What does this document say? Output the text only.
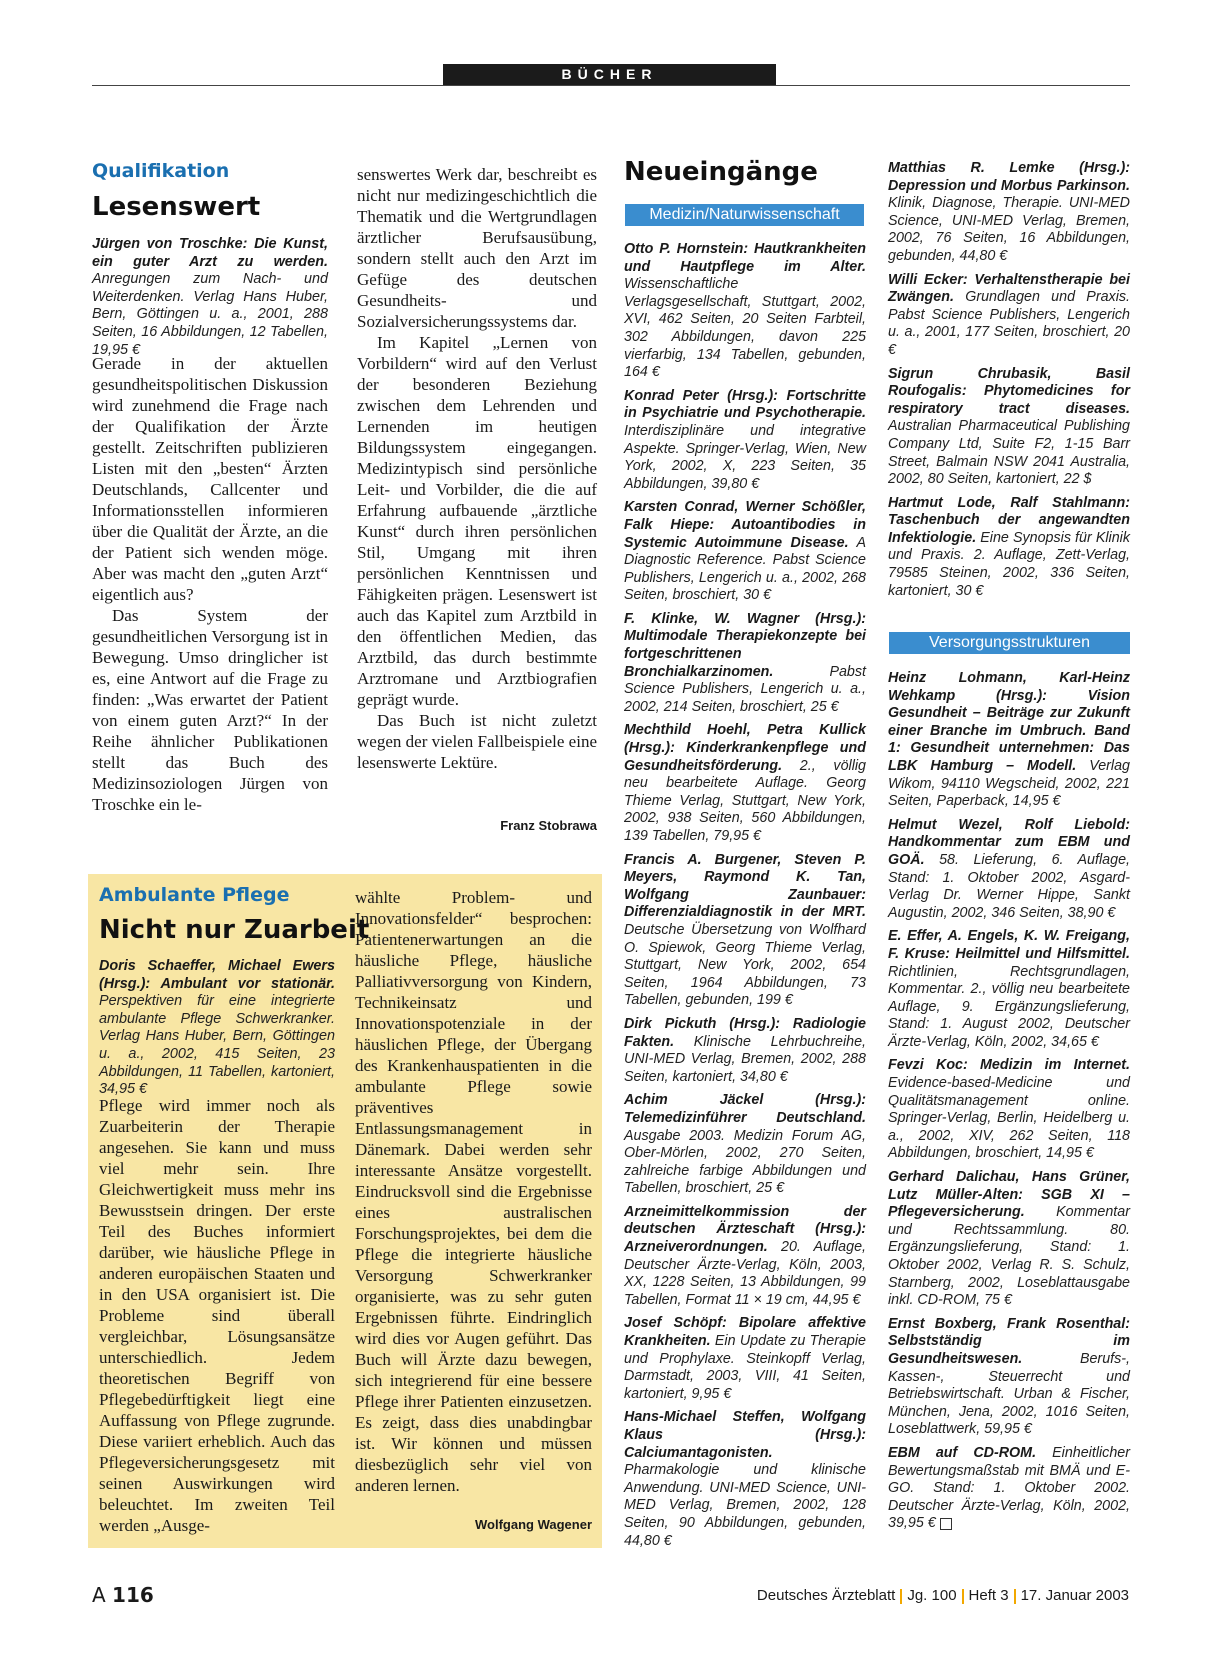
BÜCHER
Qualifikation
Lesenswert
Jürgen von Troschke: Die Kunst, ein guter Arzt zu werden. Anregungen zum Nach- und Weiterdenken. Verlag Hans Huber, Bern, Göttingen u. a., 2001, 288 Seiten, 16 Abbildungen, 12 Tabellen, 19,95 €

Gerade in der aktuellen gesundheitspolitischen Diskussion wird zunehmend die Frage nach der Qualifikation der Ärzte gestellt. Zeitschriften publizieren Listen mit den „besten“ Ärzten Deutschlands, Callcenter und Informationsstellen informieren über die Qualität der Ärzte, an die der Patient sich wenden möge. Aber was macht den „guten Arzt“ eigentlich aus?

Das System der gesundheitlichen Versorgung ist in Bewegung. Umso dringlicher ist es, eine Antwort auf die Frage zu finden: „Was erwartet der Patient von einem guten Arzt?“ In der Reihe ähnlicher Publikationen stellt das Buch des Medizinsoziologen Jürgen von Troschke ein le-

senswertes Werk dar, beschreibt es nicht nur medizingeschichtlich die Thematik und die Wertgrundlagen ärztlicher Berufsausübung, sondern stellt auch den Arzt im Gefüge des deutschen Gesundheits- und Sozialversicherungssystems dar.

Im Kapitel „Lernen von Vorbildern“ wird auf den Verlust der besonderen Beziehung zwischen dem Lehrenden und Lernenden im heutigen Bildungssystem eingegangen. Medizintypisch sind persönliche Leit- und Vorbilder, die die auf Erfahrung aufbauende „ärztliche Kunst“ durch ihren persönlichen Stil, Umgang mit ihren persönlichen Kenntnissen und Fähigkeiten prägen. Lesenswert ist auch das Kapitel zum Arztbild in den öffentlichen Medien, das Arztbild, das durch bestimmte Arztromane und Arztbiografien geprägt wurde.

Das Buch ist nicht zuletzt wegen der vielen Fallbeispiele eine lesenswerte Lektüre.

Franz Stobrawa
Ambulante Pflege
Nicht nur Zuarbeit
Doris Schaeffer, Michael Ewers (Hrsg.): Ambulant vor stationär. Perspektiven für eine integrierte ambulante Pflege Schwerkranker. Verlag Hans Huber, Bern, Göttingen u. a., 2002, 415 Seiten, 23 Abbildungen, 11 Tabellen, kartoniert, 34,95 €

Pflege wird immer noch als Zuarbeiterin der Therapie angesehen. Sie kann und muss viel mehr sein. Ihre Gleichwertigkeit muss mehr ins Bewusstsein dringen. Der erste Teil des Buches informiert darüber, wie häusliche Pflege in anderen europäischen Staaten und in den USA organisiert ist. Die Probleme sind überall vergleichbar, Lösungsansätze unterschiedlich. Jedem theoretischen Begriff von Pflegebedürftigkeit liegt eine Auffassung von Pflege zugrunde. Diese variiert erheblich. Auch das Pflegeversicherungsgesetz mit seinen Auswirkungen wird beleuchtet. Im zweiten Teil werden „Ausge-

wählte Problem- und Innovationsfelder“ besprochen: Patientenerwartungen an die häusliche Pflege, häusliche Palliativversorgung von Kindern, Technikeinsatz und Innovationspotenziale in der häuslichen Pflege, der Übergang des Krankenhauspatienten in die ambulante Pflege sowie präventives Entlassungsmanagement in Dänemark. Dabei werden sehr interessante Ansätze vorgestellt. Eindrucksvoll sind die Ergebnisse eines australischen Forschungsprojektes, bei dem die Pflege die integrierte häusliche Versorgung Schwerkranker organisierte, was zu sehr guten Ergebnissen führte. Eindringlich wird dies vor Augen geführt. Das Buch will Ärzte dazu bewegen, sich integrierend für eine bessere Pflege ihrer Patienten einzusetzen. Es zeigt, dass dies unabdingbar ist. Wir können und müssen diesbezüglich sehr viel von anderen lernen.

Wolfgang Wagener
Neueingänge
Medizin/Naturwissenschaft
Otto P. Hornstein: Hautkrankheiten und Hautpflege im Alter. Wissenschaftliche Verlagsgesellschaft, Stuttgart, 2002, XVI, 462 Seiten, 20 Seiten Farbteil, 302 Abbildungen, davon 225 vierfarbig, 134 Tabellen, gebunden, 164 €
Konrad Peter (Hrsg.): Fortschritte in Psychiatrie und Psychotherapie. Interdisziplinäre und integrative Aspekte. Springer-Verlag, Wien, New York, 2002, X, 223 Seiten, 35 Abbildungen, 39,80 €
Karsten Conrad, Werner Schößler, Falk Hiepe: Autoantibodies in Systemic Autoimmune Disease. A Diagnostic Reference. Pabst Science Publishers, Lengerich u. a., 2002, 268 Seiten, broschiert, 30 €
F. Klinke, W. Wagner (Hrsg.): Multimodale Therapiekonzepte bei fortgeschrittenen Bronchialkarzinomen. Pabst Science Publishers, Lengerich u. a., 2002, 214 Seiten, broschiert, 25 €
Mechthild Hoehl, Petra Kullick (Hrsg.): Kinderkrankenpflege und Gesundheitsförderung. 2., völlig neu bearbeitete Auflage. Georg Thieme Verlag, Stuttgart, New York, 2002, 938 Seiten, 560 Abbildungen, 139 Tabellen, 79,95 €
Francis A. Burgener, Steven P. Meyers, Raymond K. Tan, Wolfgang Zaunbauer: Differenzialdiagnostik in der MRT. Deutsche Übersetzung von Wolfhard O. Spiewok, Georg Thieme Verlag, Stuttgart, New York, 2002, 654 Seiten, 1964 Abbildungen, 73 Tabellen, gebunden, 199 €
Dirk Pickuth (Hrsg.): Radiologie Fakten. Klinische Lehrbuchreihe, UNI-MED Verlag, Bremen, 2002, 288 Seiten, kartoniert, 34,80 €
Achim Jäckel (Hrsg.): Telemedizinführer Deutschland. Ausgabe 2003. Medizin Forum AG, Ober-Mörlen, 2002, 270 Seiten, zahlreiche farbige Abbildungen und Tabellen, broschiert, 25 €
Arzneimittelkommission der deutschen Ärzteschaft (Hrsg.): Arzneiverordnungen. 20. Auflage, Deutscher Ärzte-Verlag, Köln, 2003, XX, 1228 Seiten, 13 Abbildungen, 99 Tabellen, Format 11 × 19 cm, 44,95 €
Josef Schöpf: Bipolare affektive Krankheiten. Ein Update zu Therapie und Prophylaxe. Steinkopff Verlag, Darmstadt, 2003, VIII, 41 Seiten, kartoniert, 9,95 €
Hans-Michael Steffen, Wolfgang Klaus (Hrsg.): Calciumantagonisten. Pharmakologie und klinische Anwendung. UNI-MED Science, UNI-MED Verlag, Bremen, 2002, 128 Seiten, 90 Abbildungen, gebunden, 44,80 €
Matthias R. Lemke (Hrsg.): Depression und Morbus Parkinson. Klinik, Diagnose, Therapie. UNI-MED Science, UNI-MED Verlag, Bremen, 2002, 76 Seiten, 16 Abbildungen, gebunden, 44,80 €
Willi Ecker: Verhaltenstherapie bei Zwängen. Grundlagen und Praxis. Pabst Science Publishers, Lengerich u. a., 2001, 177 Seiten, broschiert, 20 €
Sigrun Chrubasik, Basil Roufogalis: Phytomedicines for respiratory tract diseases. Australian Pharmaceutical Publishing Company Ltd, Suite F2, 1-15 Barr Street, Balmain NSW 2041 Australia, 2002, 80 Seiten, kartoniert, 22 $
Hartmut Lode, Ralf Stahlmann: Taschenbuch der angewandten Infektiologie. Eine Synopsis für Klinik und Praxis. 2. Auflage, Zett-Verlag, 79585 Steinen, 2002, 336 Seiten, kartoniert, 30 €
Versorgungsstrukturen
Heinz Lohmann, Karl-Heinz Wehkamp (Hrsg.): Vision Gesundheit – Beiträge zur Zukunft einer Branche im Umbruch. Band 1: Gesundheit unternehmen: Das LBK Hamburg – Modell. Verlag Wikom, 94110 Wegscheid, 2002, 221 Seiten, Paperback, 14,95 €
Helmut Wezel, Rolf Liebold: Handkommentar zum EBM und GOÄ. 58. Lieferung, 6. Auflage, Stand: 1. Oktober 2002, Asgard-Verlag Dr. Werner Hippe, Sankt Augustin, 2002, 346 Seiten, 38,90 €
E. Effer, A. Engels, K. W. Freigang, F. Kruse: Heilmittel und Hilfsmittel. Richtlinien, Rechtsgrundlagen, Kommentar. 2., völlig neu bearbeitete Auflage, 9. Ergänzungslieferung, Stand: 1. August 2002, Deutscher Ärzte-Verlag, Köln, 2002, 34,65 €
Fevzi Koc: Medizin im Internet. Evidence-based-Medicine und Qualitätsmanagement online. Springer-Verlag, Berlin, Heidelberg u. a., 2002, XIV, 262 Seiten, 118 Abbildungen, broschiert, 14,95 €
Gerhard Dalichau, Hans Grüner, Lutz Müller-Alten: SGB XI – Pflegeversicherung. Kommentar und Rechtssammlung. 80. Ergänzungslieferung, Stand: 1. Oktober 2002, Verlag R. S. Schulz, Starnberg, 2002, Loseblattausgabe inkl. CD-ROM, 75 €
Ernst Boxberg, Frank Rosenthal: Selbstständig im Gesundheitswesen. Berufs-, Kassen-, Steuerrecht und Betriebswirtschaft. Urban & Fischer, München, Jena, 2002, 1016 Seiten, Loseblattwerk, 59,95 €
EBM auf CD-ROM. Einheitlicher Bewertungsmaßstab mit BMÄ und E-GO. Stand: 1. Oktober 2002. Deutscher Ärzte-Verlag, Köln, 2002, 39,95 €
A 116	Deutsches Ärzteblatt Jg. 100 Heft 3 17. Januar 2003
